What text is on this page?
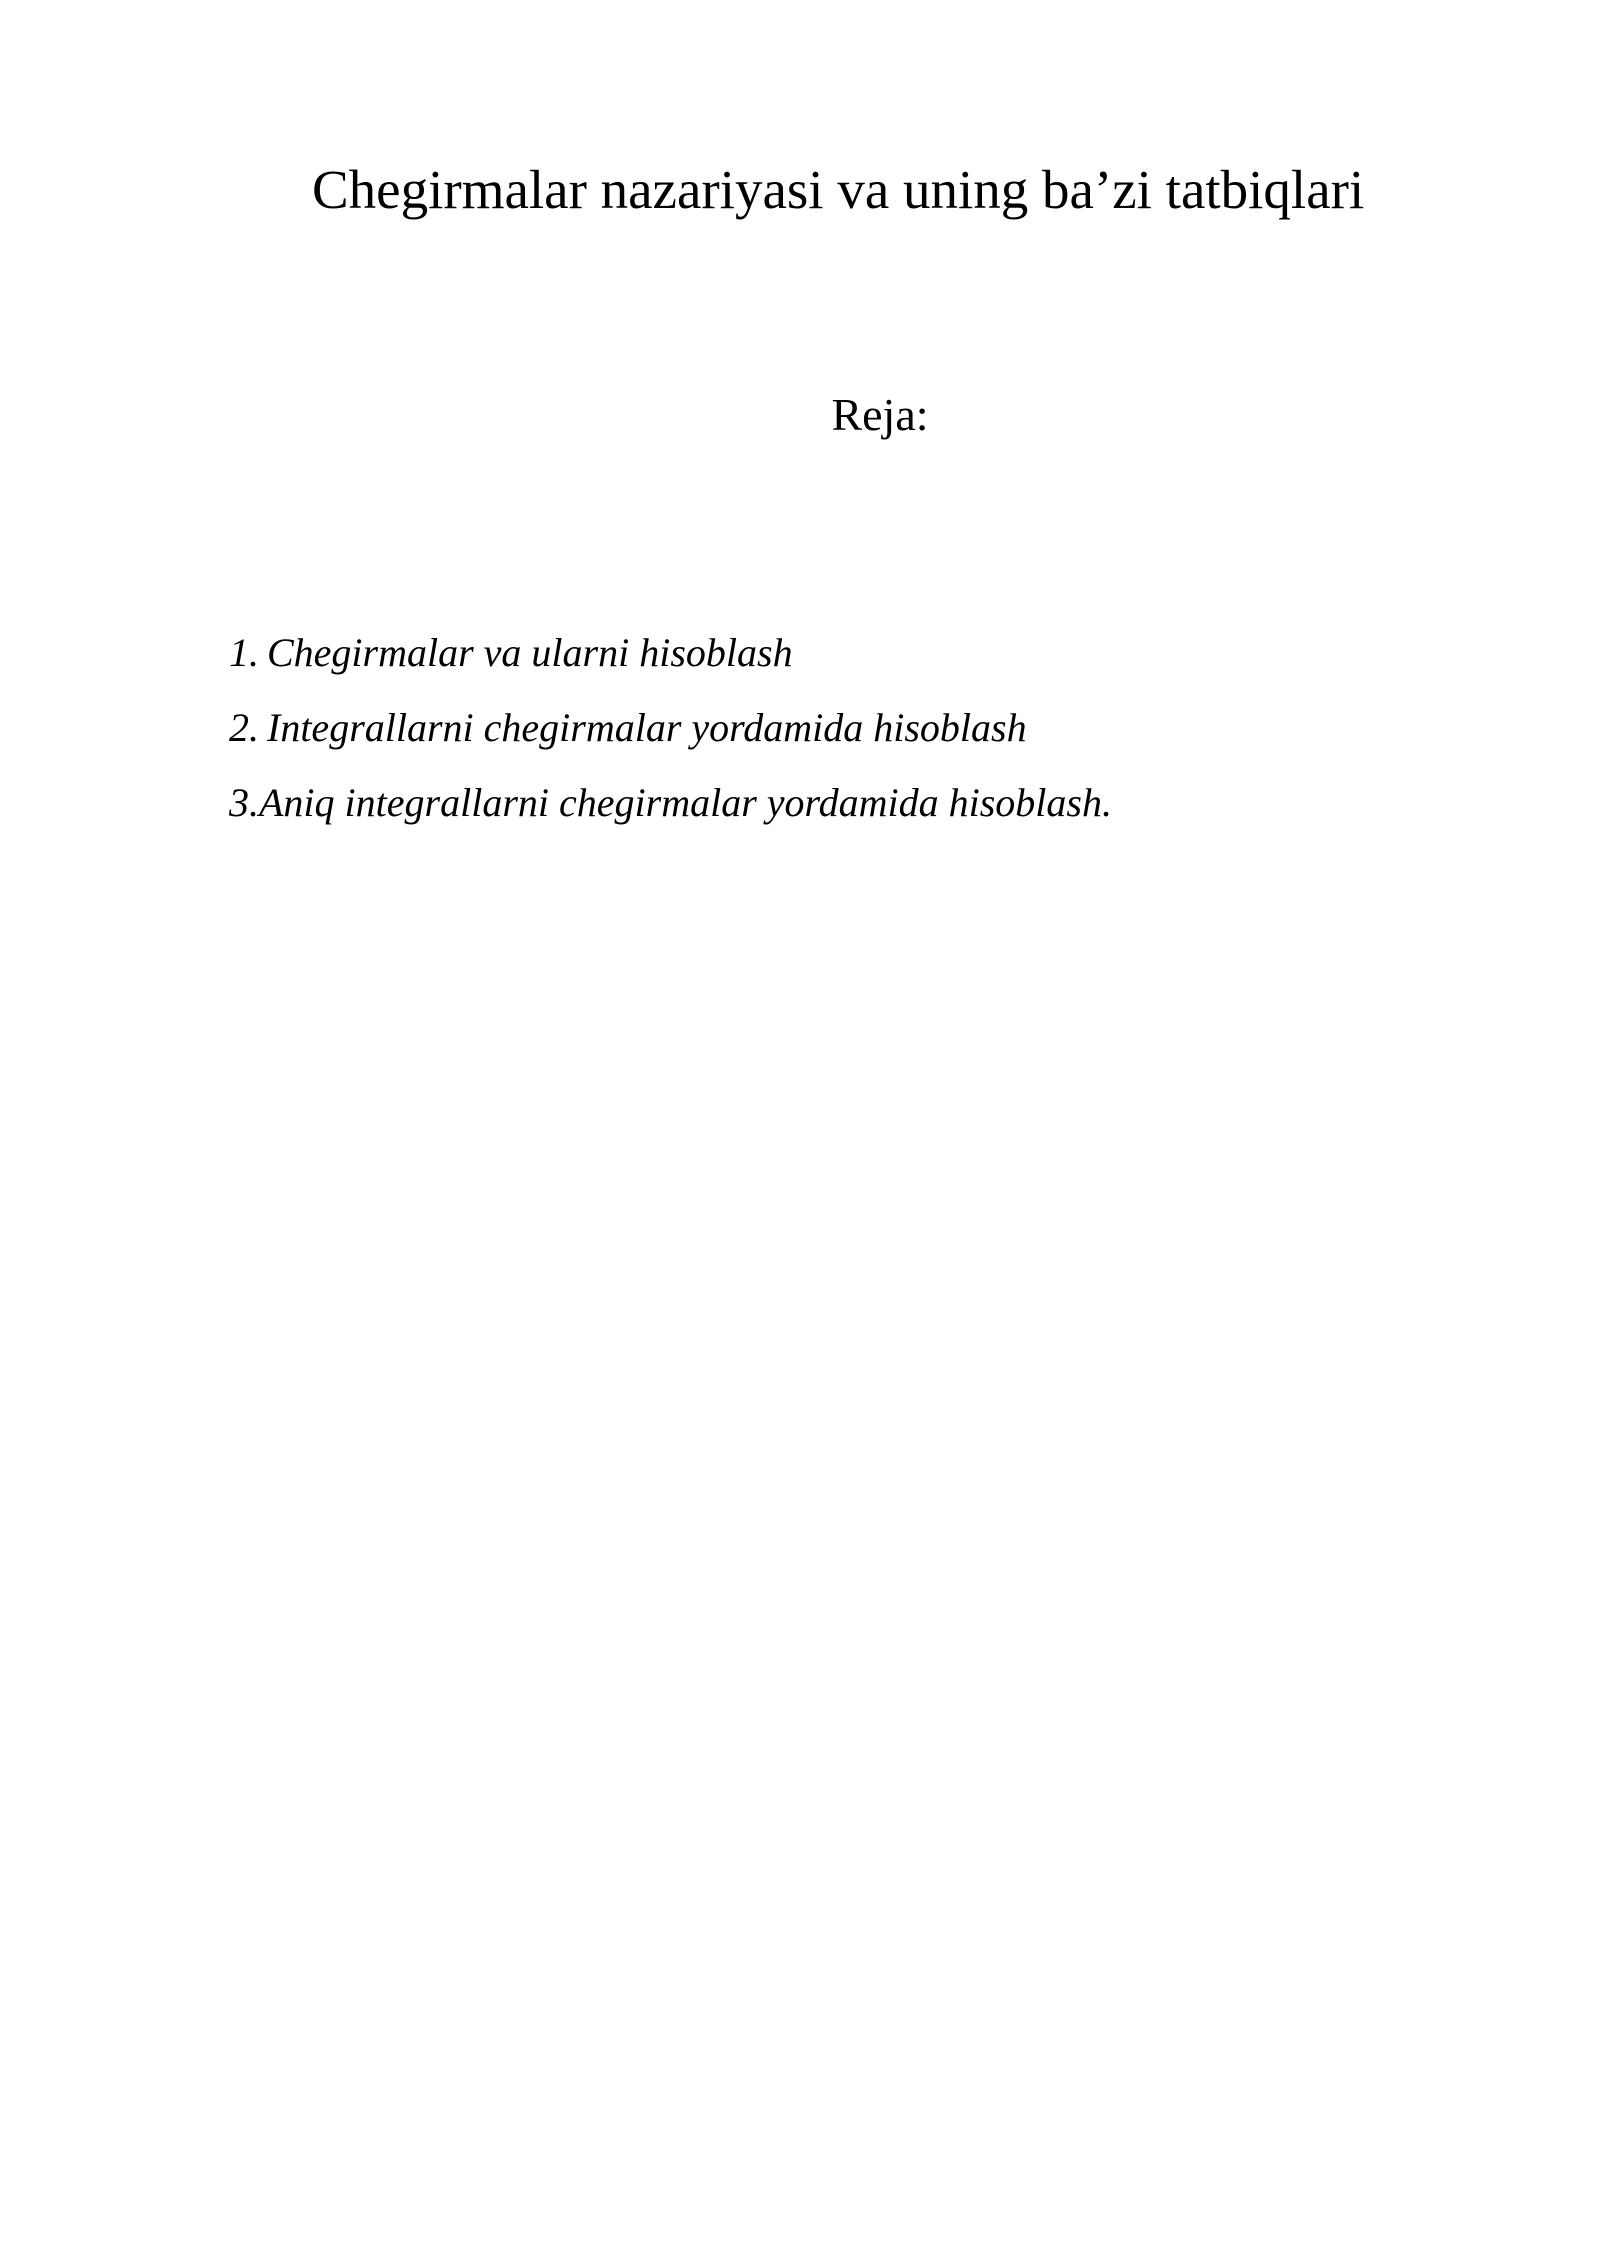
Chegirmalar nazariyasi va uning ba’zi tatbiqlari
Reja:
1. Chegirmalar va ularni hisoblash
2. Integrallarni chegirmalar yordamida hisoblash
3.Aniq integrallarni chegirmalar yordamida hisoblash.
